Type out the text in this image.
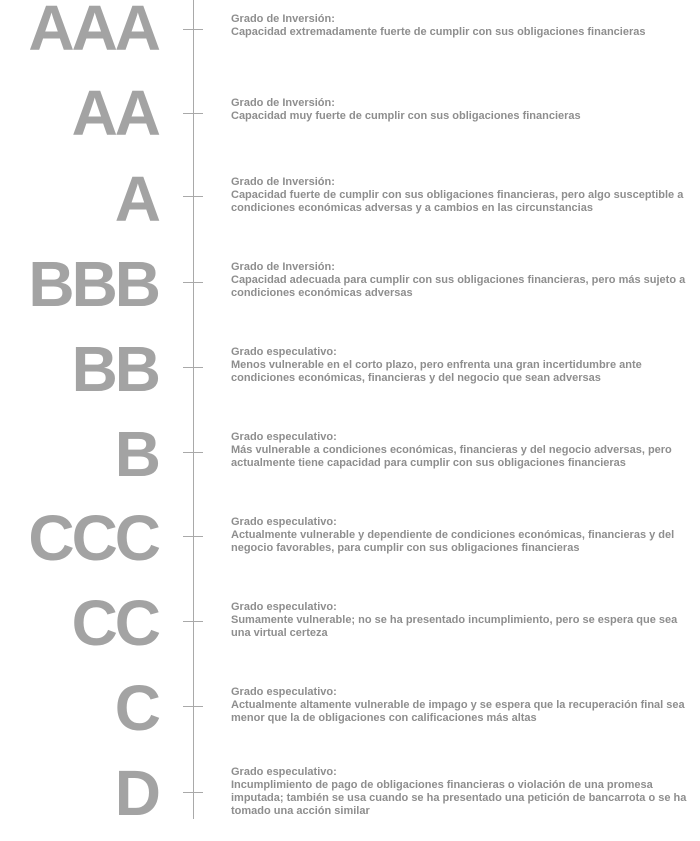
AAA	Grado de Inversión:
Capacidad extremadamente fuerte de cumplir con sus obligaciones financieras
AA	Grado de Inversión:
Capacidad muy fuerte de cumplir con sus obligaciones financieras
A	Grado de Inversión:
Capacidad fuerte de cumplir con sus obligaciones financieras, pero algo susceptible a condiciones económicas adversas y a cambios en las circunstancias
BBB	Grado de Inversión:
Capacidad adecuada para cumplir con sus obligaciones financieras, pero más sujeto a condiciones económicas adversas
BB	Grado especulativo:
Menos vulnerable en el corto plazo, pero enfrenta una gran incertidumbre ante condiciones económicas, financieras y del negocio que sean adversas
B	Grado especulativo:
Más vulnerable a condiciones económicas, financieras y del negocio adversas, pero actualmente tiene capacidad para cumplir con sus obligaciones financieras
CCC	Grado especulativo:
Actualmente vulnerable y dependiente de condiciones económicas, financieras y del negocio favorables, para cumplir con sus obligaciones financieras
CC	Grado especulativo:
Sumamente vulnerable; no se ha presentado incumplimiento, pero se espera que sea una virtual certeza
C	Grado especulativo:
Actualmente altamente vulnerable de impago y se espera que la recuperación final sea menor que la de obligaciones con calificaciones más altas
D	Grado especulativo:
Incumplimiento de pago de obligaciones financieras o violación de una promesa imputada; también se usa cuando se ha presentado una petición de bancarrota o se ha tomado una acción similar
